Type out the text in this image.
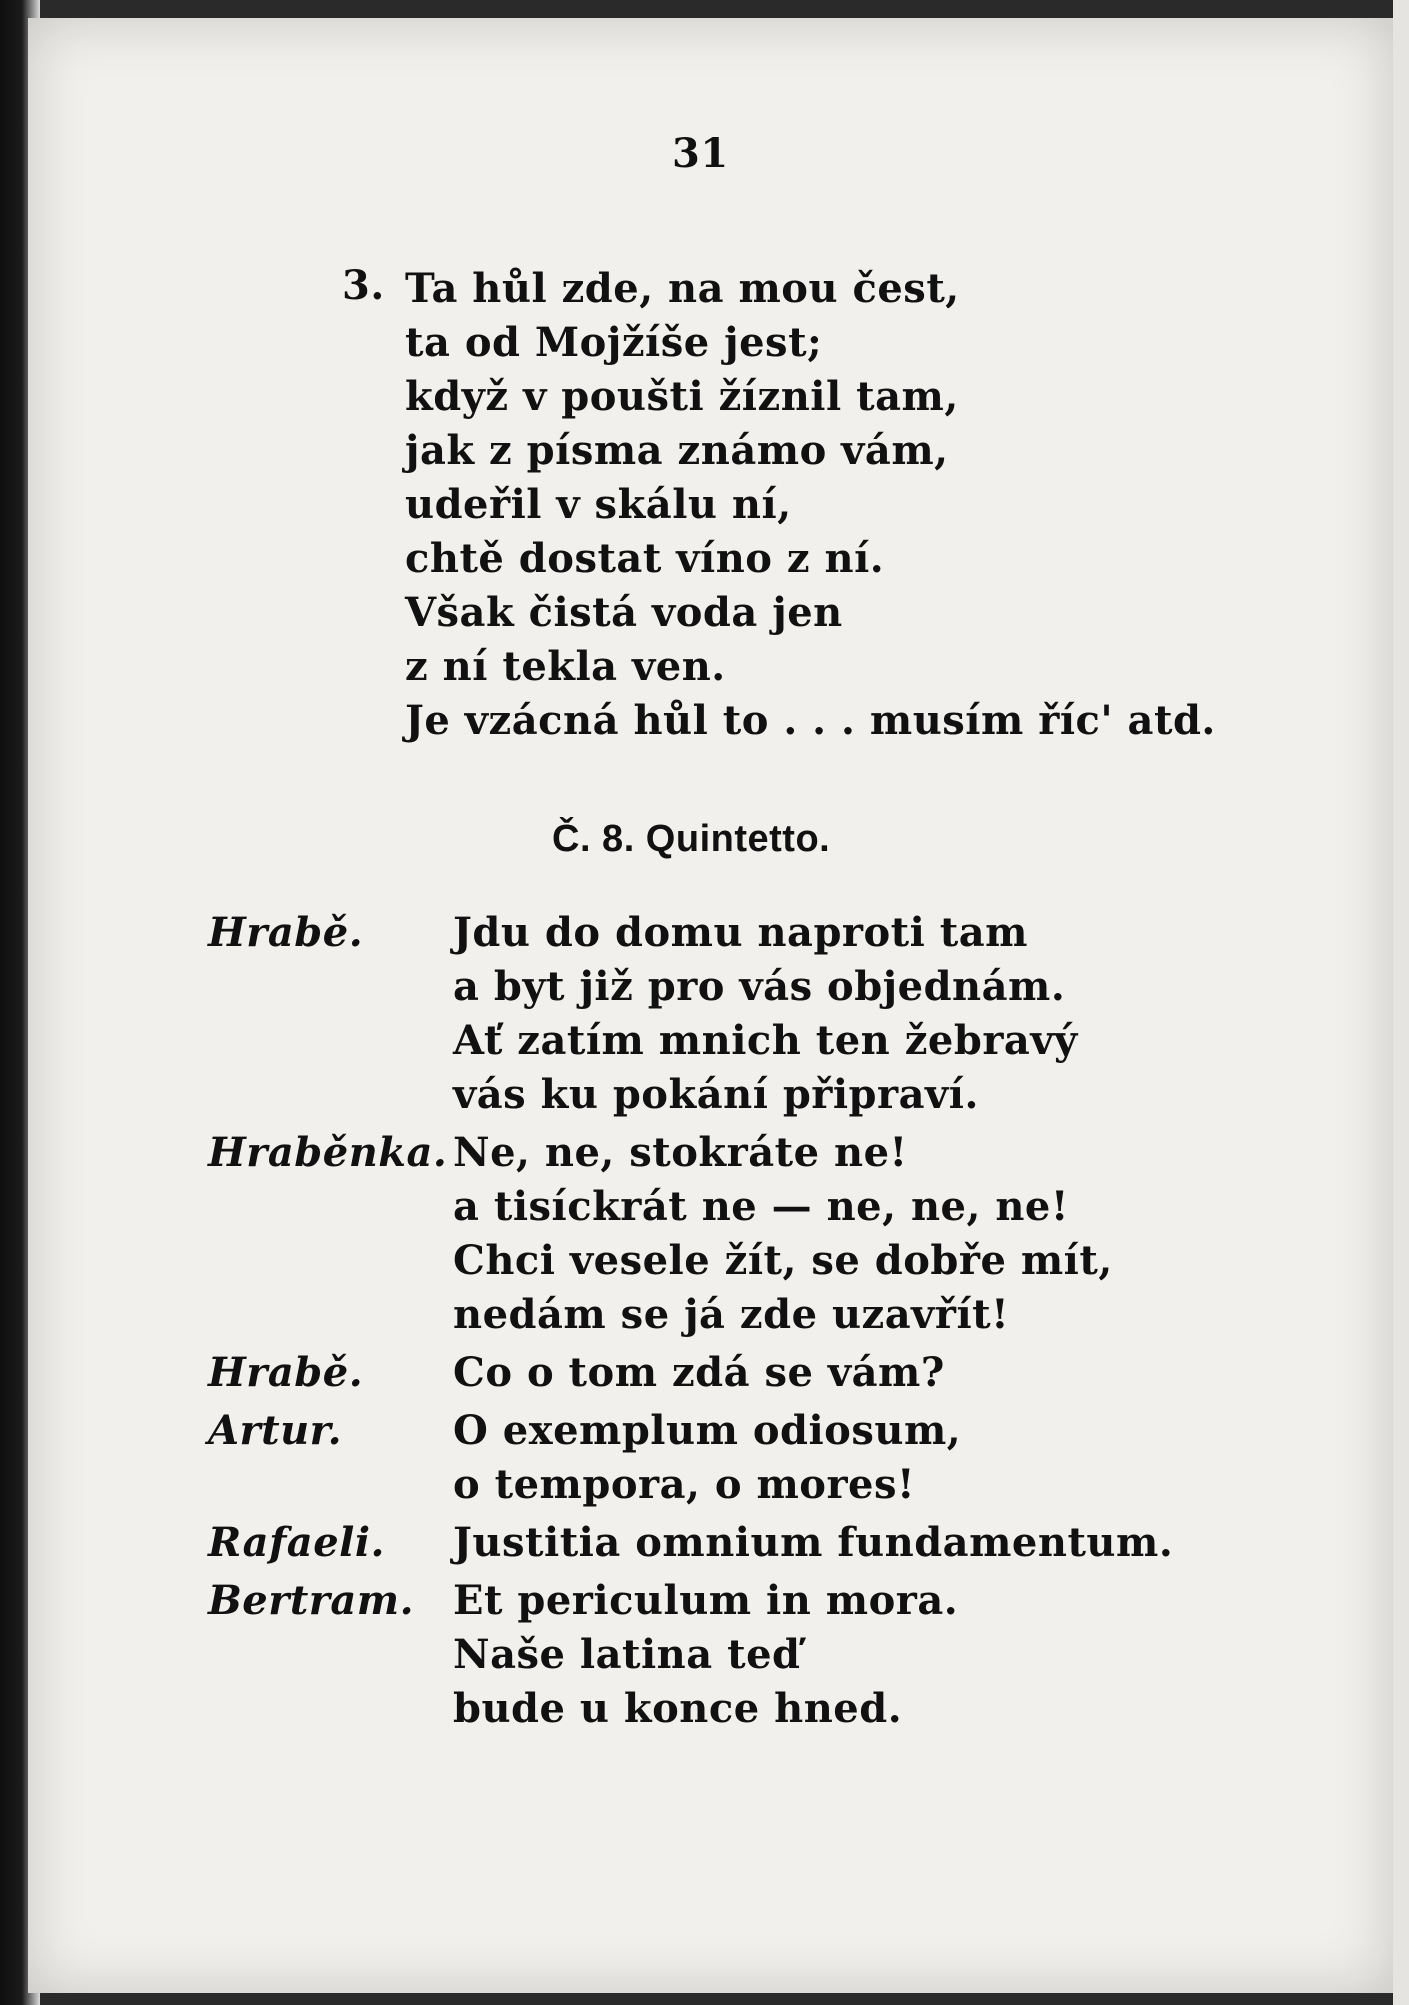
31
3. Ta hůl zde, na mou čest,
ta od Mojžíše jest;
když v poušti žíznil tam,
jak z písma známo vám,
udeřil v skálu ní,
chtě dostat víno z ní.
Však čistá voda jen
z ní tekla ven.
Je vzácná hůl to . . . musím říc' atd.
Č. 8. Quintetto.
Hrabě.	Jdu do domu naproti tam
a byt již pro vás objednám.
Ať zatím mnich ten žebravý
vás ku pokání připraví.
Hraběnka. Ne, ne, stokráte ne!
a tisíckrát ne — ne, ne, ne!
Chci vesele žít, se dobře mít,
nedám se já zde uzavřít!
Hrabě.	Co o tom zdá se vám?
Artur.	O exemplum odiosum,
o tempora, o mores!
Rafaeli.	Justitia omnium fundamentum.
Bertram. Et periculum in mora.
Naše latina teď
bude u konce hned.
